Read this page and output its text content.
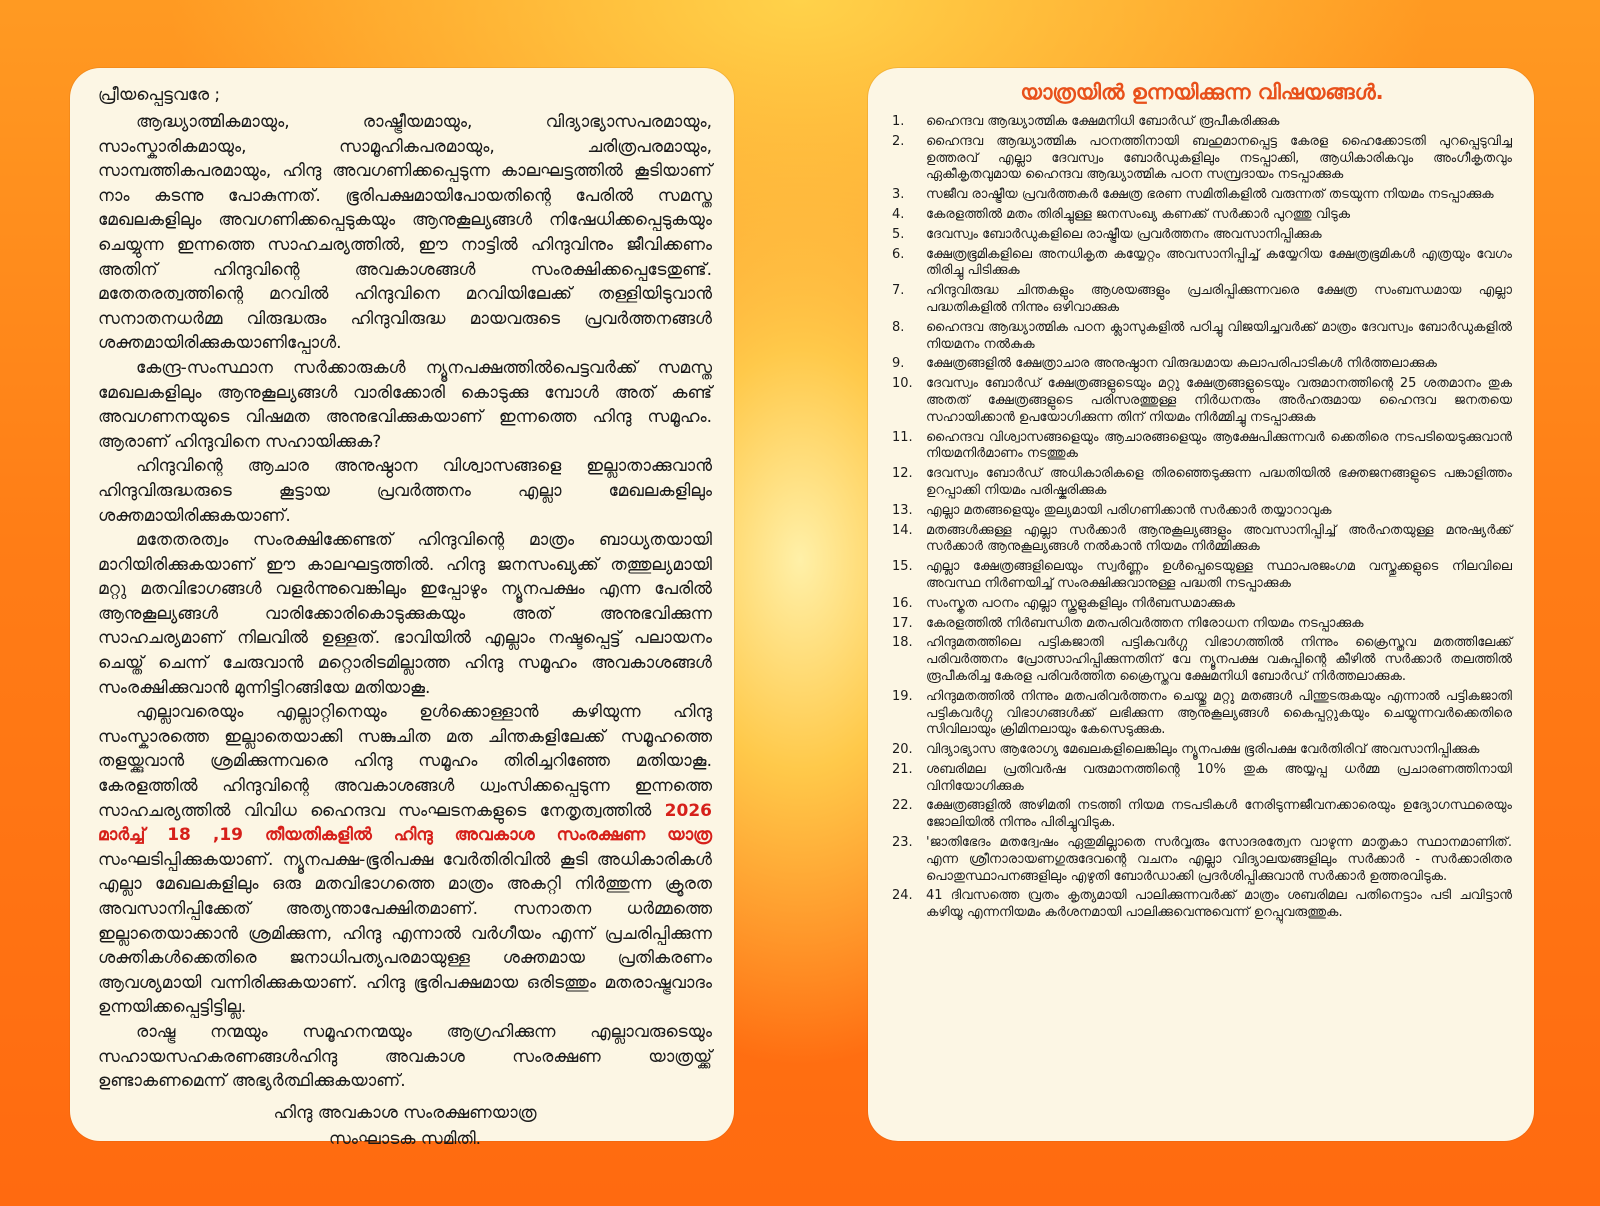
പ്രീയപ്പെട്ടവരേ ;

ആദ്ധ്യാത്മികമായും, രാഷ്ട്രീയമായും, വിദ്യാഭ്യാസപരമായും, സാംസ്കാരികമായും, സാമൂഹികപരമായും, ചരിത്രപരമായും, സാമ്പത്തികപരമായും, ഹിന്ദു അവഗണിക്കപ്പെടുന്ന കാലഘട്ടത്തിൽ കൂടിയാണ് നാം കടന്നു പോകുന്നത്. ഭൂരിപക്ഷമായിപോയതിന്റെ പേരിൽ സമസ്ത മേഖലകളിലും അവഗണിക്കപ്പെടുകയും ആനുകൂല്യങ്ങൾ നിഷേധിക്കപ്പെടുകയും ചെയ്യുന്ന ഇന്നത്തെ സാഹചര്യത്തിൽ, ഈ നാട്ടിൽ ഹിന്ദുവിനും ജീവിക്കണം അതിന് ഹിന്ദുവിന്റെ അവകാശങ്ങൾ സംരക്ഷിക്കപ്പെടേതുണ്ട്. മതേതരത്വത്തിന്റെ മറവിൽ ഹിന്ദുവിനെ മറവിയിലേക്ക് തള്ളിയിടുവാൻ സനാതനധർമ്മ വിരുദ്ധരും ഹിന്ദുവിരുദ്ധ മായവരുടെ പ്രവർത്തനങ്ങൾ ശക്തമായിരിക്കുകയാണിപ്പോൾ.

കേന്ദ്ര-സംസ്ഥാന സർക്കാരുകൾ ന്യൂനപക്ഷത്തിൽപെട്ടവർക്ക് സമസ്ത മേഖലകളിലും ആനുകൂല്യങ്ങൾ വാരിക്കോരി കൊടുക്കു മ്പോൾ അത് കണ്ട് അവഗണനയുടെ വിഷമത അനുഭവിക്കുകയാണ് ഇന്നത്തെ ഹിന്ദു സമൂഹം. ആരാണ് ഹിന്ദുവിനെ സഹായിക്കുക?

ഹിന്ദുവിന്റെ ആചാര അനുഷ്ഠാന വിശ്വാസങ്ങളെ ഇല്ലാതാക്കുവാൻ ഹിന്ദുവിരുദ്ധരുടെ കൂട്ടായ പ്രവർത്തനം എല്ലാ മേഖലകളിലും ശക്തമായിരിക്കുകയാണ്.

മതേതരത്വം സംരക്ഷിക്കേണ്ടത് ഹിന്ദുവിന്റെ മാത്രം ബാധ്യതയായി മാറിയിരിക്കുകയാണ് ഈ കാലഘട്ടത്തിൽ. ഹിന്ദു ജനസംഖ്യക്ക് തത്തുല്യമായി മറ്റു മതവിഭാഗങ്ങൾ വളർന്നുവെങ്കിലും ഇപ്പോഴും ന്യൂനപക്ഷം എന്ന പേരിൽ ആനുകൂല്യങ്ങൾ വാരിക്കോരികൊടുക്കുകയും അത് അനുഭവിക്കുന്ന സാഹചര്യമാണ് നിലവിൽ ഉള്ളത്. ഭാവിയിൽ എല്ലാം നഷ്ടപ്പെട്ട് പലായനം ചെയ്ത് ചെന്ന് ചേരുവാൻ മറ്റൊരിടമില്ലാത്ത ഹിന്ദു സമൂഹം അവകാശങ്ങൾ സംരക്ഷിക്കുവാൻ മുന്നിട്ടിറങ്ങിയേ മതിയാകൂ.

എല്ലാവരെയും എല്ലാറ്റിനെയും ഉൾക്കൊള്ളാൻ കഴിയുന്ന ഹിന്ദു സംസ്കാരത്തെ ഇല്ലാതെയാക്കി സങ്കുചിത മത ചിന്തകളിലേക്ക് സമൂഹത്തെ തളയ്ക്കുവാൻ ശ്രമിക്കുന്നവരെ ഹിന്ദു സമൂഹം തിരിച്ചറിഞ്ഞേ മതിയാകൂ. കേരളത്തിൽ ഹിന്ദുവിന്റെ അവകാശങ്ങൾ ധ്വംസിക്കപ്പെടുന്ന ഇന്നത്തെ സാഹചര്യത്തിൽ വിവിധ ഹൈന്ദവ സംഘടനകളുടെ നേതൃത്വത്തിൽ 2026 മാർച്ച് 18 ,19 തീയതികളിൽ ഹിന്ദു അവകാശ സംരക്ഷണ യാത്ര സംഘടിപ്പിക്കുകയാണ്. ന്യൂനപക്ഷ-ഭൂരിപക്ഷ വേർതിരിവിൽ കൂടി അധികാരികൾ എല്ലാ മേഖലകളിലും ഒരു മതവിഭാഗത്തെ മാത്രം അകറ്റി നിർത്തുന്ന ക്രൂരത അവസാനിപ്പിക്കേത് അത്യന്താപേക്ഷിതമാണ്. സനാതന ധർമ്മത്തെ ഇല്ലാതെയാക്കാൻ ശ്രമിക്കുന്ന, ഹിന്ദു എന്നാൽ വർഗീയം എന്ന് പ്രചരിപ്പിക്കുന്ന ശക്തികൾക്കെതിരെ ജനാധിപത്യപരമായുള്ള ശക്തമായ പ്രതികരണം ആവശ്യമായി വന്നിരിക്കുകയാണ്. ഹിന്ദു ഭൂരിപക്ഷമായ ഒരിടത്തും മതരാഷ്ട്രവാദം ഉന്നയിക്കപ്പെട്ടിട്ടില്ല.

രാഷ്ട്ര നന്മയും സമൂഹനന്മയും ആഗ്രഹിക്കുന്ന എല്ലാവരുടെയും സഹായസഹകരണങ്ങൾഹിന്ദു അവകാശ സംരക്ഷണ യാത്രയ്ക്ക് ഉണ്ടാകണമെന്ന് അഭ്യർത്ഥിക്കുകയാണ്.

ഹിന്ദു അവകാശ സംരക്ഷണയാത്ര
സംഘാടക സമിതി.
യാത്രയിൽ ഉന്നയിക്കുന്ന വിഷയങ്ങൾ.
1.	ഹൈന്ദവ ആദ്ധ്യാത്മിക ക്ഷേമനിധി ബോർഡ് രൂപീകരിക്കുക
2.	ഹൈന്ദവ ആദ്ധ്യാത്മിക പഠനത്തിനായി ബഹുമാനപ്പെട്ട കേരള ഹൈക്കോടതി പുറപ്പെടുവിച്ച ഉത്തരവ് എല്ലാ ദേവസ്വം ബോർഡുകളിലും നടപ്പാക്കി, ആധികാരികവും അംഗീകൃതവും ഏകീകൃതവുമായ ഹൈന്ദവ ആദ്ധ്യാത്മിക പഠന സമ്പ്രദായം നടപ്പാക്കുക
3.	സജീവ രാഷ്ട്രീയ പ്രവർത്തകർ ക്ഷേത്ര ഭരണ സമിതികളിൽ വരുന്നത് തടയുന്ന നിയമം നടപ്പാക്കുക
4.	കേരളത്തിൽ മതം തിരിച്ചുള്ള ജനസംഖ്യ കണക്ക് സർക്കാർ പുറത്തു വിടുക
5.	ദേവസ്വം ബോർഡുകളിലെ രാഷ്ട്രീയ പ്രവർത്തനം അവസാനിപ്പിക്കുക
6.	ക്ഷേത്രഭൂമികളിലെ അനധികൃത കയ്യേറ്റം അവസാനിപ്പിച്ച് കയ്യേറിയ ക്ഷേത്രഭൂമികൾ എത്രയും വേഗം തിരിച്ചു പിടിക്കുക
7.	ഹിന്ദുവിരുദ്ധ ചിന്തകളും ആശയങ്ങളും പ്രചരിപ്പിക്കുന്നവരെ ക്ഷേത്ര സംബന്ധമായ എല്ലാ പദ്ധതികളിൽ നിന്നും ഒഴിവാക്കുക
8.	ഹൈന്ദവ ആദ്ധ്യാത്മിക പഠന ക്ലാസുകളിൽ പഠിച്ചു വിജയിച്ചവർക്ക് മാത്രം ദേവസ്വം ബോർഡുകളിൽ നിയമനം നൽകുക
9.	ക്ഷേത്രങ്ങളിൽ ക്ഷേത്രാചാര അനുഷ്ഠാന വിരുദ്ധമായ കലാപരിപാടികൾ നിർത്തലാക്കുക
10.	ദേവസ്വം ബോർഡ് ക്ഷേത്രങ്ങളുടെയും മറ്റു ക്ഷേത്രങ്ങളുടെയും വരുമാനത്തിന്റെ 25 ശതമാനം തുക അതത് ക്ഷേത്രങ്ങളുടെ പരിസരത്തുള്ള നിർധനരും അർഹരുമായ ഹൈന്ദവ ജനതയെ സഹായിക്കാൻ ഉപയോഗിക്കുന്ന തിന് നിയമം നിർമ്മിച്ചു നടപ്പാക്കുക
11.	ഹൈന്ദവ വിശ്വാസങ്ങളെയും ആചാരങ്ങളെയും ആക്ഷേപിക്കുന്നവർ ക്കെതിരെ നടപടിയെടുക്കുവാൻ നിയമനിർമാണം നടത്തുക
12.	ദേവസ്വം ബോർഡ് അധികാരികളെ തിരഞ്ഞെടുക്കുന്ന പദ്ധതിയിൽ ഭക്തജനങ്ങളുടെ പങ്കാളിത്തം ഉറപ്പാക്കി നിയമം പരിഷ്കരിക്കുക
13.	എല്ലാ മതങ്ങളെയും തുല്യമായി പരിഗണിക്കാൻ സർക്കാർ തയ്യാറാവുക
14.	മതങ്ങൾക്കുള്ള എല്ലാ സർക്കാർ ആനുകൂല്യങ്ങളും അവസാനിപ്പിച്ച് അർഹതയുള്ള മനുഷ്യർക്ക് സർക്കാർ ആനുകൂല്യങ്ങൾ നൽകാൻ നിയമം നിർമ്മിക്കുക
15.	എല്ലാ ക്ഷേത്രങ്ങളിലെയും സ്വർണ്ണം ഉൾപ്പെടെയുള്ള സ്ഥാപരജംഗമ വസ്തുക്കളുടെ നിലവിലെ അവസ്ഥ നിർണയിച്ച് സംരക്ഷിക്കുവാനുള്ള പദ്ധതി നടപ്പാക്കുക
16.	സംസ്കൃത പഠനം എല്ലാ സ്കൂളുകളിലും നിർബന്ധമാക്കുക
17.	കേരളത്തിൽ നിർബന്ധിത മതപരിവർത്തന നിരോധന നിയമം നടപ്പാക്കുക
18.	ഹിന്ദുമതത്തിലെ പട്ടികജാതി പട്ടികവർഗ്ഗ വിഭാഗത്തിൽ നിന്നും ക്രൈസ്തവ മതത്തിലേക്ക് പരിവർത്തനം പ്രോത്സാഹിപ്പിക്കുന്നതിന് വേ ന്യൂനപക്ഷ വകുപ്പിന്റെ കീഴിൽ സർക്കാർ തലത്തിൽ രൂപീകരിച്ച കേരള പരിവർത്തിത ക്രൈസ്തവ ക്ഷേമനിധി ബോർഡ് നിർത്തലാക്കുക.
19.	ഹിന്ദുമതത്തിൽ നിന്നും മതപരിവർത്തനം ചെയ്തു മറ്റു മതങ്ങൾ പിന്തുടരുകയും എന്നാൽ പട്ടികജാതി പട്ടികവർഗ്ഗ വിഭാഗങ്ങൾക്ക് ലഭിക്കുന്ന ആനുകൂല്യങ്ങൾ കൈപ്പറ്റുകയും ചെയ്യുന്നവർക്കെതിരെ സിവിലായും ക്രിമിനലായും കേസെടുക്കുക.
20.	വിദ്യാഭ്യാസ ആരോഗ്യ മേഖലകളിലെങ്കിലും ന്യൂനപക്ഷ ഭൂരിപക്ഷ വേർതിരിവ് അവസാനിപ്പിക്കുക
21.	ശബരിമല പ്രതിവർഷ വരുമാനത്തിന്റെ 10% തുക അയ്യപ്പ ധർമ്മ പ്രചാരണത്തിനായി വിനിയോഗിക്കുക
22.	ക്ഷേത്രങ്ങളിൽ അഴിമതി നടത്തി നിയമ നടപടികൾ നേരിടുന്നജീവനക്കാരെയും ഉദ്യോഗസ്ഥരെയും ജോലിയിൽ നിന്നും പിരിച്ചുവിടുക.
23.	'ജാതിഭേദം മതദ്വേഷം ഏതുമില്ലാതെ സർവ്വരും സോദരത്വേന വാഴുന്ന മാതൃകാ സ്ഥാനമാണിത്. എന്ന ശ്രീനാരായണഗുരുദേവന്റെ വചനം എല്ലാ വിദ്യാലയങ്ങളിലും സർക്കാർ - സർക്കാരിതര പൊതുസ്ഥാപനങ്ങളിലും എഴുതി ബോർഡാക്കി പ്രദർശിപ്പിക്കുവാൻ സർക്കാർ ഉത്തരവിടുക.
24.	41 ദിവസത്തെ വ്രതം കൃത്യമായി പാലിക്കുന്നവർക്ക് മാത്രം ശബരിമല പതിനെട്ടാം പടി ചവിട്ടാൻ കഴിയൂ എന്നനിയമം കർശനമായി പാലിക്കുവെന്നുവെന്ന് ഉറപ്പുവരുത്തുക.
